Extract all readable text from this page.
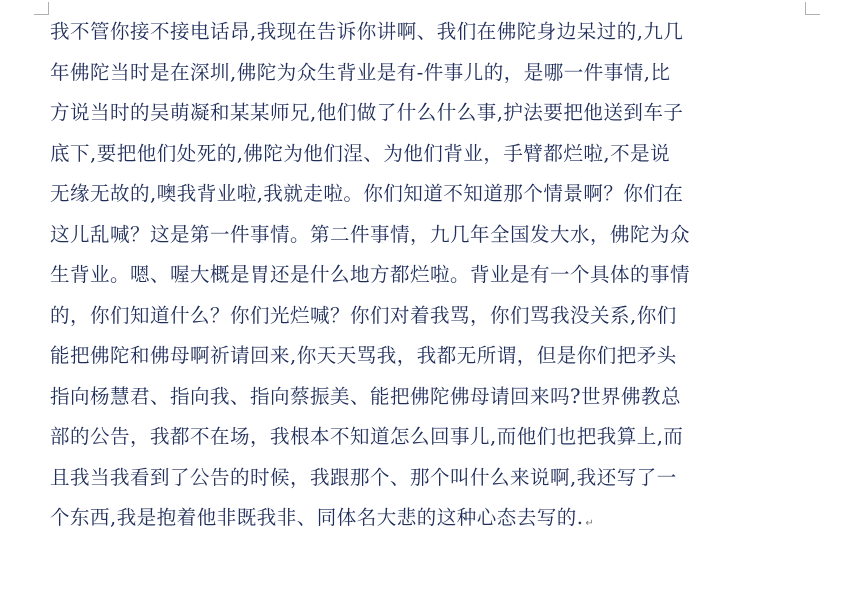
我不管你接不接电话昂,我现在告诉你讲啊、我们在佛陀身边呆过的,九几
年佛陀当时是在深圳,佛陀为众生背业是有-件事儿的，是哪一件事情,比
方说当时的吴萌凝和某某师兄,他们做了什么什么事,护法要把他送到车子
底下,要把他们处死的,佛陀为他们涅、为他们背业，手臂都烂啦,不是说
无缘无故的,噢我背业啦,我就走啦。你们知道不知道那个情景啊？你们在
这儿乱喊？这是第一件事情。第二件事情，九几年全国发大水，佛陀为众
生背业。嗯、喔大概是胃还是什么地方都烂啦。背业是有一个具体的事情
的，你们知道什么？你们光烂喊？你们对着我骂，你们骂我没关系,你们
能把佛陀和佛母啊祈请回来,你天天骂我，我都无所谓，但是你们把矛头
指向杨慧君、指向我、指向蔡振美、能把佛陀佛母请回来吗?世界佛教总
部的公告，我都不在场，我根本不知道怎么回事儿,而他们也把我算上,而
且我当我看到了公告的时候，我跟那个、那个叫什么来说啊,我还写了一
个东西,我是抱着他非既我非、同体名大悲的这种心态去写的. ↵
